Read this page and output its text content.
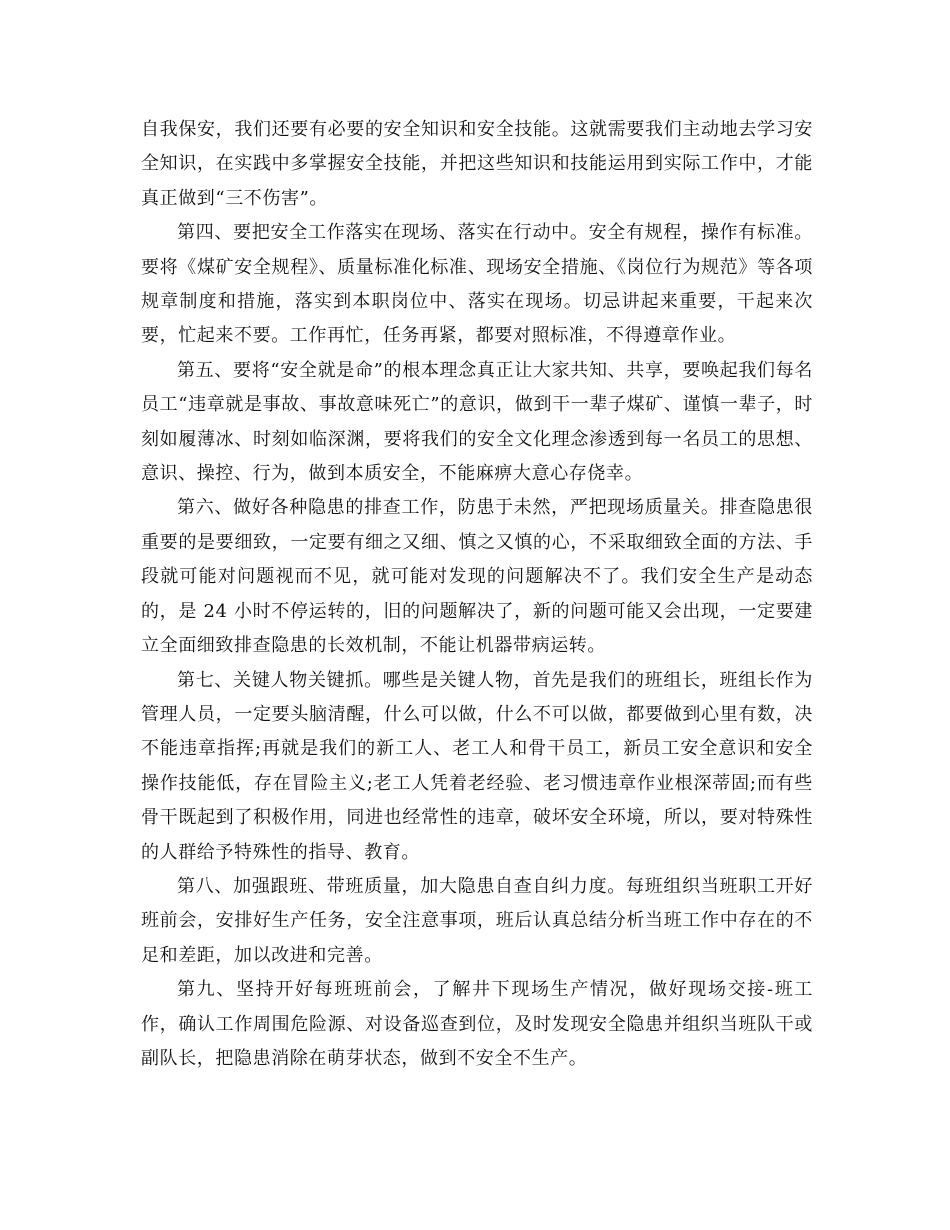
自我保安，我们还要有必要的安全知识和安全技能。这就需要我们主动地去学习安全知识，在实践中多掌握安全技能，并把这些知识和技能运用到实际工作中，才能真正做到“三不伤害”。

第四、要把安全工作落实在现场、落实在行动中。安全有规程，操作有标准。要将《煤矿安全规程》、质量标准化标准、现场安全措施、《岗位行为规范》等各项规章制度和措施，落实到本职岗位中、落实在现场。切忌讲起来重要，干起来次要，忙起来不要。工作再忙，任务再紧，都要对照标准，不得遵章作业。

第五、要将“安全就是命”的根本理念真正让大家共知、共享，要唤起我们每名员工“违章就是事故、事故意味死亡”的意识，做到干一辈子煤矿、谨慎一辈子，时刻如履薄冰、时刻如临深渊，要将我们的安全文化理念渗透到每一名员工的思想、意识、操控、行为，做到本质安全，不能麻痹大意心存侥幸。

第六、做好各种隐患的排查工作，防患于未然，严把现场质量关。排查隐患很重要的是要细致，一定要有细之又细、慎之又慎的心，不采取细致全面的方法、手段就可能对问题视而不见，就可能对发现的问题解决不了。我们安全生产是动态的，是 24 小时不停运转的，旧的问题解决了，新的问题可能又会出现，一定要建立全面细致排查隐患的长效机制，不能让机器带病运转。

第七、关键人物关键抓。哪些是关键人物，首先是我们的班组长，班组长作为管理人员，一定要头脑清醒，什么可以做，什么不可以做，都要做到心里有数，决不能违章指挥;再就是我们的新工人、老工人和骨干员工，新员工安全意识和安全操作技能低，存在冒险主义;老工人凭着老经验、老习惯违章作业根深蒂固;而有些骨干既起到了积极作用，同进也经常性的违章，破坏安全环境，所以，要对特殊性的人群给予特殊性的指导、教育。

第八、加强跟班、带班质量，加大隐患自查自纠力度。每班组织当班职工开好班前会，安排好生产任务，安全注意事项，班后认真总结分析当班工作中存在的不足和差距，加以改进和完善。

第九、坚持开好每班班前会，了解井下现场生产情况，做好现场交接-班工作，确认工作周围危险源、对设备巡查到位，及时发现安全隐患并组织当班队干或副队长，把隐患消除在萌芽状态，做到不安全不生产。
